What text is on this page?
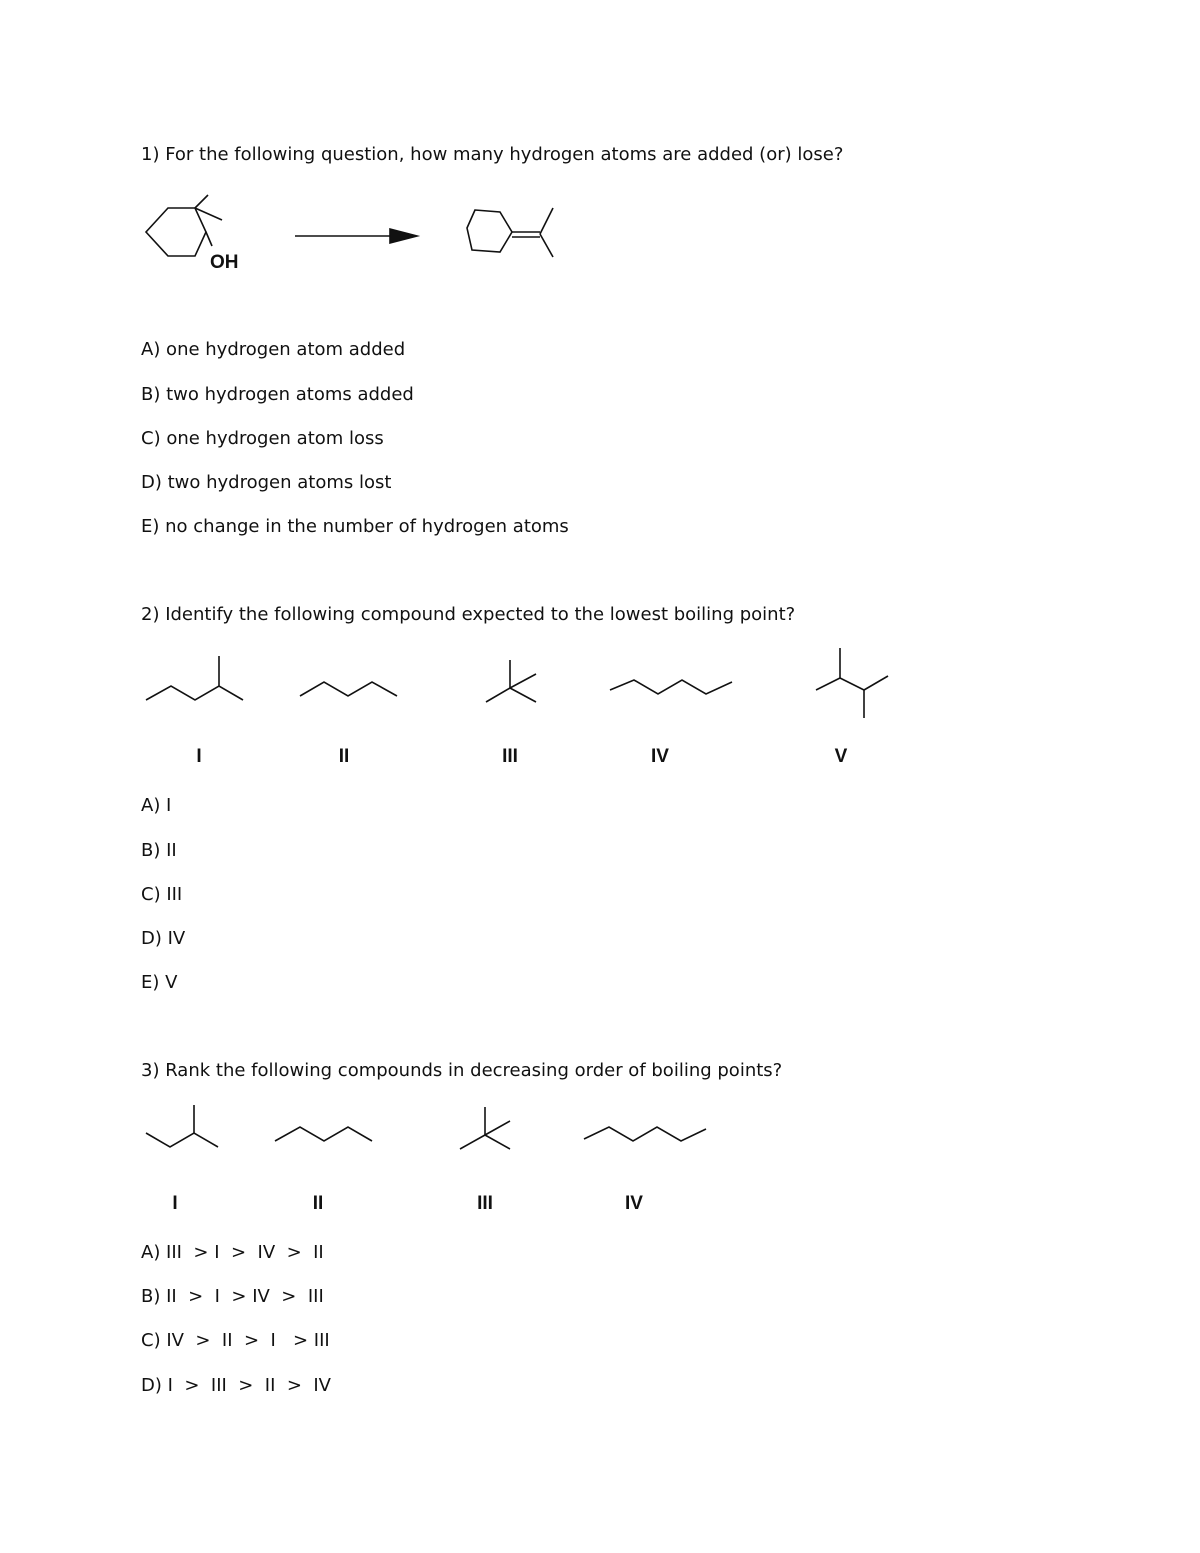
1) For the following question, how many hydrogen atoms are added (or) lose?
OH
A) one hydrogen atom added
B) two hydrogen atoms added
C) one hydrogen atom loss
D) two hydrogen atoms lost
E) no change in the number of hydrogen atoms
2) Identify the following compound expected to the lowest boiling point?
I	II	III	IV	V
A) I
B) II
C) III
D) IV
E) V
3) Rank the following compounds in decreasing order of boiling points?
I	II	III	IV
A) III  > I  >  IV  >  II
B) II  >  I  > IV  >  III
C) IV  >  II  >  I   > III
D) I  >  III  >  II  >  IV
